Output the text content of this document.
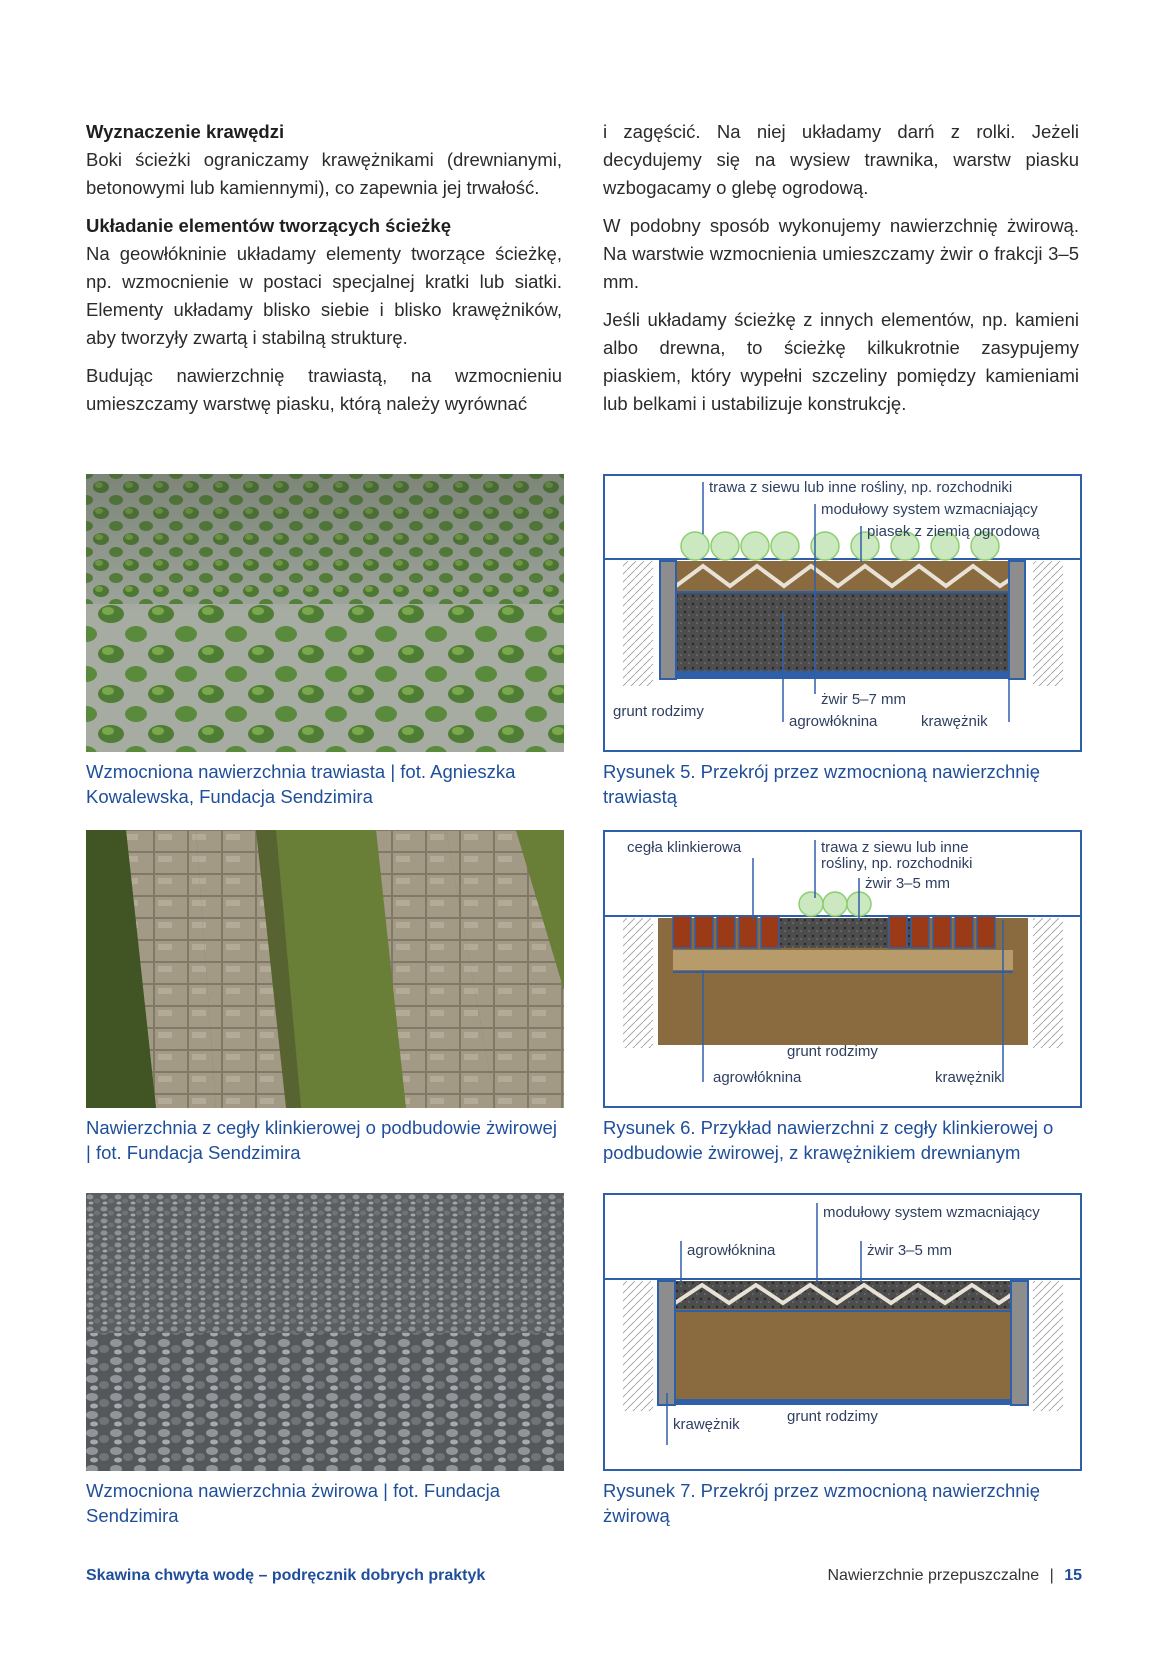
Wyznaczenie krawędzi

Boki ścieżki ograniczamy krawężnikami (drewnianymi, betonowymi lub kamiennymi), co zapewnia jej trwałość.

Układanie elementów tworzących ścieżkę

Na geowłókninie układamy elementy tworzące ścieżkę, np. wzmocnienie w postaci specjalnej kratki lub siatki. Elementy układamy blisko siebie i blisko krawężników, aby tworzyły zwartą i stabilną strukturę.

Budując nawierzchnię trawiastą, na wzmocnieniu umieszczamy warstwę piasku, którą należy wyrównać

i zagęścić. Na niej układamy darń z rolki. Jeżeli decydujemy się na wysiew trawnika, warstw piasku wzbogacamy o glebę ogrodową.

W podobny sposób wykonujemy nawierzchnię żwirową. Na warstwie wzmocnienia umieszczamy żwir o frakcji 3–5 mm.

Jeśli układamy ścieżkę z innych elementów, np. kamieni albo drewna, to ścieżkę kilkukrotnie zasypujemy piaskiem, który wypełni szczeliny pomiędzy kamieniami lub belkami i ustabilizuje konstrukcję.

Wzmocniona nawierzchnia trawiasta | fot. Agnieszka Kowalewska, Fundacja Sendzimira
trawa z siewu lub inne rośliny, np. rozchodniki
modułowy system wzmacniający
piasek z ziemią ogrodową
grunt rodzimy
żwir 5–7 mm
agrowłóknina	krawężnik
Rysunek 5. Przekrój przez wzmocnioną nawierzchnię trawiastą
Nawierzchnia z cegły klinkierowej o podbudowie żwirowej | fot. Fundacja Sendzimira
cegła klinkierowa	trawa z siewu lub inne
rośliny, np. rozchodniki
żwir 3–5 mm
grunt rodzimy
agrowłóknina	krawężnik
Rysunek 6. Przykład nawierzchni z cegły klinkierowej o podbudowie żwirowej, z krawężnikiem drewnianym
Wzmocniona nawierzchnia żwirowa | fot. Fundacja Sendzimira
modułowy system wzmacniający
agrowłóknina	żwir 3–5 mm
krawężnik	grunt rodzimy
Rysunek 7. Przekrój przez wzmocnioną nawierzchnię żwirową
Skawina chwyta wodę – podręcznik dobrych praktyk	Nawierzchnie przepuszczalne | 15
